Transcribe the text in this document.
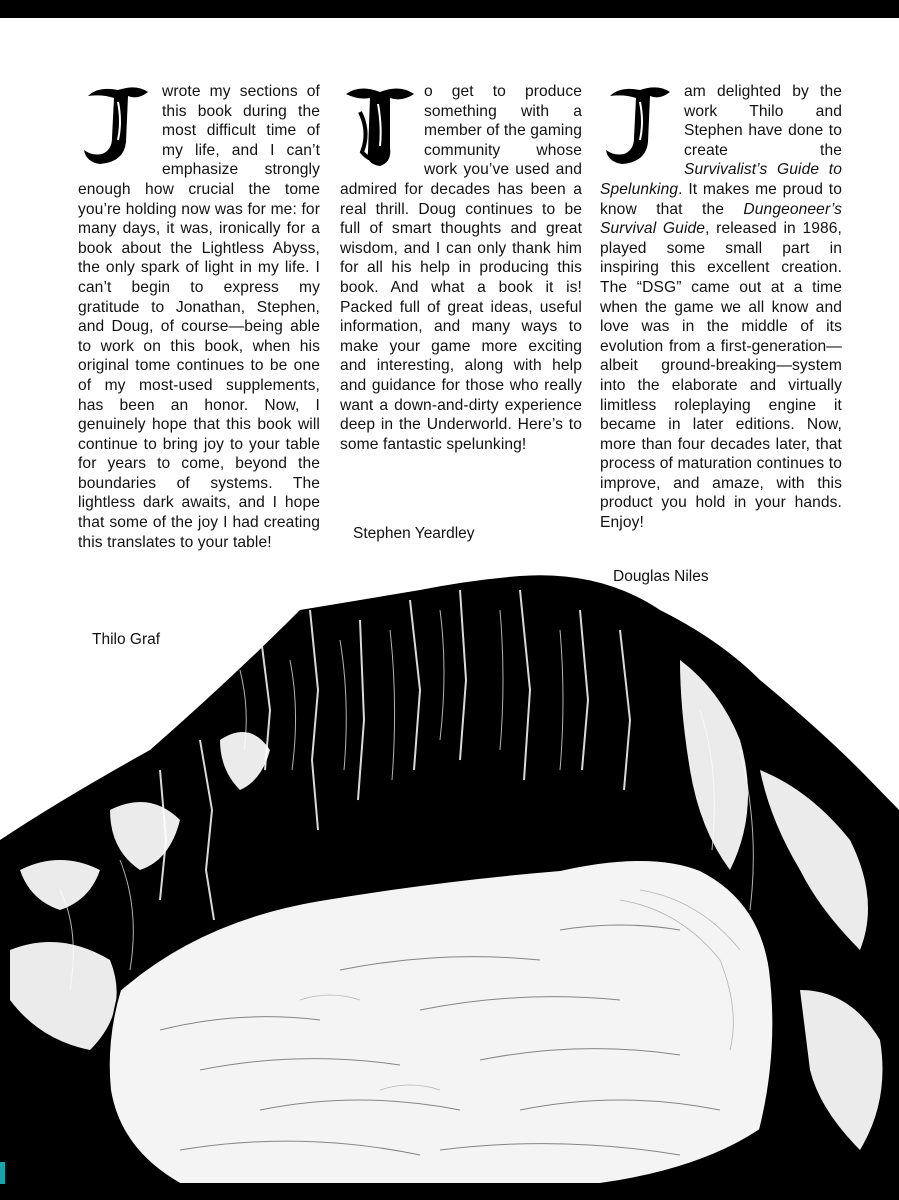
wrote my sections of this book during the most difficult time of my life, and I can’t emphasize strongly enough how crucial the tome you’re holding now was for me: for many days, it was, ironically for a book about the Lightless Abyss, the only spark of light in my life. I can’t begin to express my gratitude to Jonathan, Stephen, and Doug, of course—being able to work on this book, when his original tome continues to be one of my most-used supplements, has been an honor. Now, I genuinely hope that this book will continue to bring joy to your table for years to come, beyond the boundaries of systems. The lightless dark awaits, and I hope that some of the joy I had creating this translates to your table!

o get to produce something with a member of the gaming community whose work you’ve used and admired for decades has been a real thrill. Doug continues to be full of smart thoughts and great wisdom, and I can only thank him for all his help in producing this book. And what a book it is! Packed full of great ideas, useful information, and many ways to make your game more exciting and interesting, along with help and guidance for those who really want a down-and-dirty experience deep in the Underworld. Here’s to some fantastic spelunking!

am delighted by the work Thilo and Stephen have done to create the Survivalist’s Guide to Spelunking. It makes me proud to know that the Dungeoneer’s Survival Guide, released in 1986, played some small part in inspiring this excellent creation. The “DSG” came out at a time when the game we all know and love was in the middle of its evolution from a first-generation—albeit ground-breaking—system into the elaborate and virtually limitless roleplaying engine it became in later editions. Now, more than four decades later, that process of maturation continues to improve, and amaze, with this product you hold in your hands. Enjoy!

Thilo Graf
Stephen Yeardley
Douglas Niles
